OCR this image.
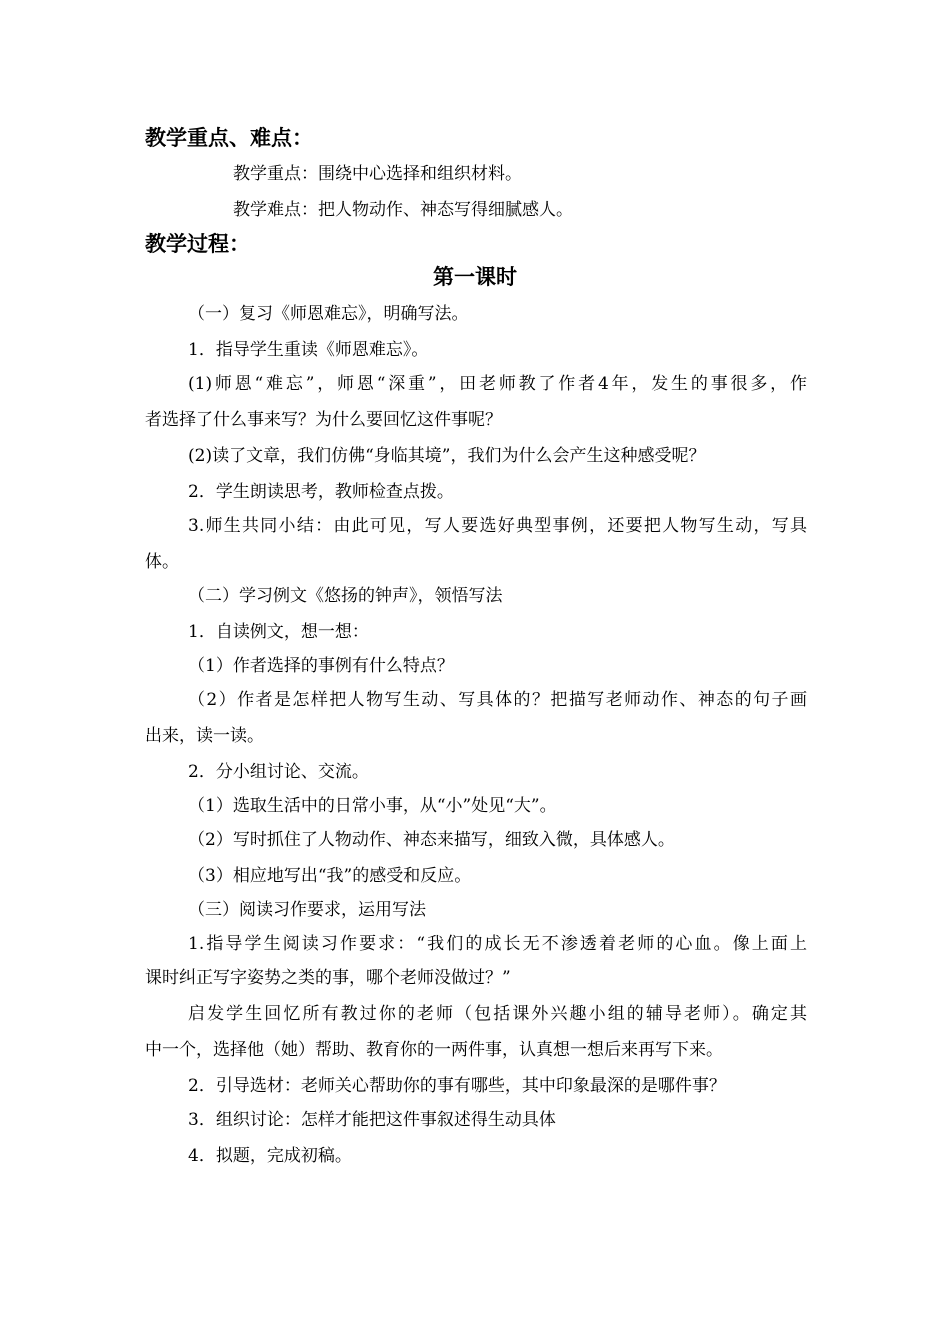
教学重点、难点：

教学重点：围绕中心选择和组织材料。

教学难点：把人物动作、神态写得细腻感人。

教学过程：

第一课时

（一）复习《师恩难忘》，明确写法。

1．指导学生重读《师恩难忘》。

(1)师恩“难忘”，师恩“深重”，田老师教了作者4年，发生的事很多，作

者选择了什么事来写？为什么要回忆这件事呢？

(2)读了文章，我们仿佛“身临其境”，我们为什么会产生这种感受呢？

2．学生朗读思考，教师检查点拨。

3.师生共同小结：由此可见，写人要选好典型事例，还要把人物写生动，写具

体。

（二）学习例文《悠扬的钟声》，领悟写法

1．自读例文，想一想：

（1）作者选择的事例有什么特点？

（2）作者是怎样把人物写生动、写具体的？把描写老师动作、神态的句子画

出来，读一读。

2．分小组讨论、交流。

（1）选取生活中的日常小事，从“小”处见“大”。

（2）写时抓住了人物动作、神态来描写，细致入微，具体感人。

（3）相应地写出“我”的感受和反应。

（三）阅读习作要求，运用写法

1.指导学生阅读习作要求：“我们的成长无不渗透着老师的心血。像上面上

课时纠正写字姿势之类的事，哪个老师没做过？”

启发学生回忆所有教过你的老师（包括课外兴趣小组的辅导老师）。确定其

中一个，选择他（她）帮助、教育你的一两件事，认真想一想后来再写下来。

2．引导选材：老师关心帮助你的事有哪些，其中印象最深的是哪件事？

3．组织讨论：怎样才能把这件事叙述得生动具体

4．拟题，完成初稿。
